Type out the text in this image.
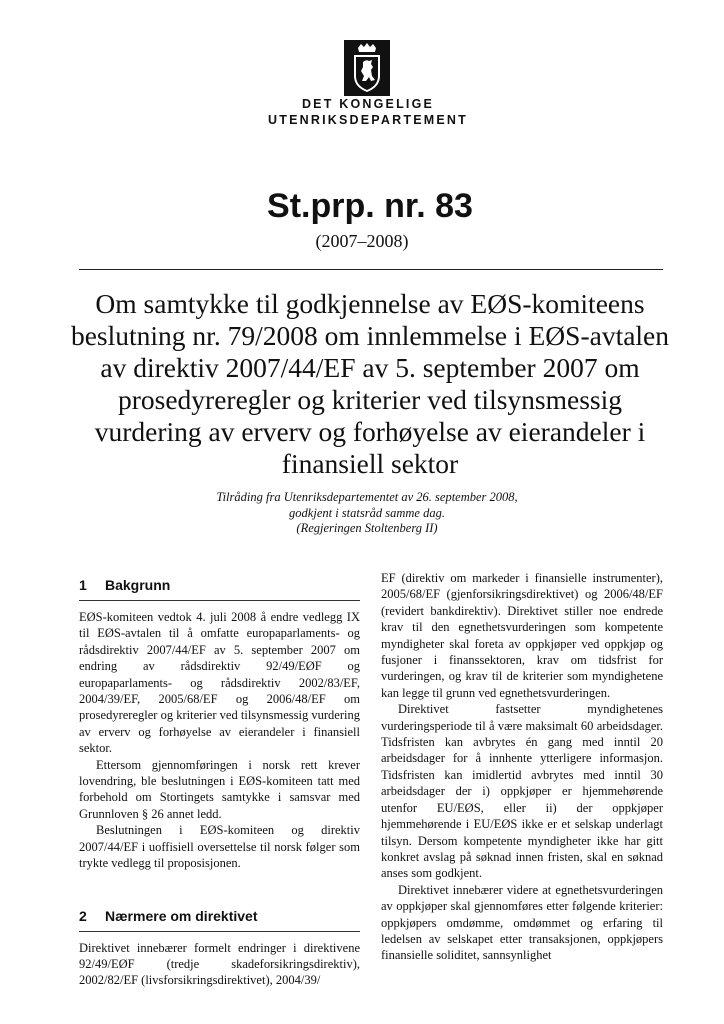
DET KONGELIGE
UTENRIKSDEPARTEMENT
St.prp. nr. 83
(2007–2008)
Om samtykke til godkjennelse av EØS-komiteens beslutning nr. 79/2008 om innlemmelse i EØS-avtalen av direktiv 2007/44/EF av 5. september 2007 om prosedyreregler og kriterier ved tilsynsmessig vurdering av erverv og forhøyelse av eierandeler i finansiell sektor
Tilråding fra Utenriksdepartementet av 26. september 2008,
godkjent i statsråd samme dag.
(Regjeringen Stoltenberg II)
1 Bakgrunn

EØS-komiteen vedtok 4. juli 2008 å endre vedlegg IX til EØS-avtalen til å omfatte europaparlaments- og rådsdirektiv 2007/44/EF av 5. september 2007 om endring av rådsdirektiv 92/49/EØF og europaparlaments- og rådsdirektiv 2002/83/EF, 2004/39/EF, 2005/68/EF og 2006/48/EF om prosedyreregler og kriterier ved tilsynsmessig vurdering av erverv og forhøyelse av eierandeler i finansiell sektor.

Ettersom gjennomføringen i norsk rett krever lovendring, ble beslutningen i EØS-komiteen tatt med forbehold om Stortingets samtykke i samsvar med Grunnloven § 26 annet ledd.

Beslutningen i EØS-komiteen og direktiv 2007/44/EF i uoffisiell oversettelse til norsk følger som trykte vedlegg til proposisjonen.

2 Nærmere om direktivet

Direktivet innebærer formelt endringer i direktivene 92/49/EØF (tredje skadeforsikringsdirektiv), 2002/82/EF (livsforsikringsdirektivet), 2004/39/

EF (direktiv om markeder i finansielle instrumenter), 2005/68/EF (gjenforsikringsdirektivet) og 2006/48/EF (revidert bankdirektiv). Direktivet stiller noe endrede krav til den egnethetsvurderingen som kompetente myndigheter skal foreta av oppkjøper ved oppkjøp og fusjoner i finanssektoren, krav om tidsfrist for vurderingen, og krav til de kriterier som myndighetene kan legge til grunn ved egnethetsvurderingen.

Direktivet fastsetter myndighetenes vurderingsperiode til å være maksimalt 60 arbeidsdager. Tidsfristen kan avbrytes én gang med inntil 20 arbeidsdager for å innhente ytterligere informasjon. Tidsfristen kan imidlertid avbrytes med inntil 30 arbeidsdager der i) oppkjøper er hjemmehørende utenfor EU/EØS, eller ii) der oppkjøper hjemmehørende i EU/EØS ikke er et selskap underlagt tilsyn. Dersom kompetente myndigheter ikke har gitt konkret avslag på søknad innen fristen, skal en søknad anses som godkjent.

Direktivet innebærer videre at egnethetsvurderingen av oppkjøper skal gjennomføres etter følgende kriterier: oppkjøpers omdømme, omdømmet og erfaring til ledelsen av selskapet etter transaksjonen, oppkjøpers finansielle soliditet, sannsynlighet
